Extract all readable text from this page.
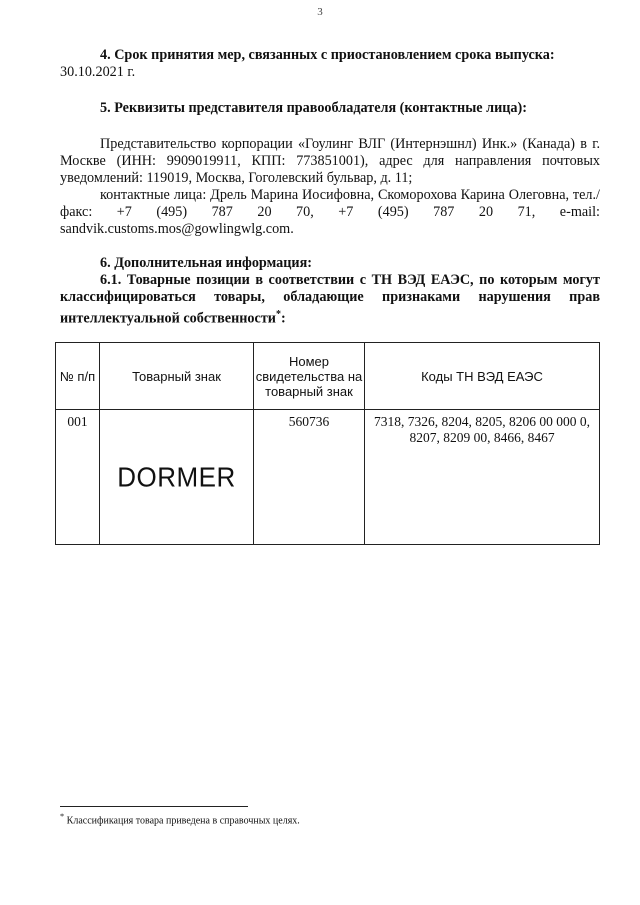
3
4. Срок принятия мер, связанных с приостановлением срока выпуска:
30.10.2021 г.
5. Реквизиты представителя правообладателя (контактные лица):

Представительство корпорации «Гоулинг ВЛГ (Интернэшнл) Инк.» (Канада) в г. Москве (ИНН: 9909019911, КПП: 773851001), адрес для направления почтовых уведомлений: 119019, Москва, Гоголевский бульвар, д. 11;

контактные лица: Дрель Марина Иосифовна, Скоморохова Карина Олеговна, тел./факс: +7 (495) 787 20 70, +7 (495) 787 20 71, e-mail: sandvik.customs.mos@gowlingwlg.com.

6. Дополнительная информация:

6.1. Товарные позиции в соответствии с ТН ВЭД ЕАЭС, по которым могут классифицироваться товары, обладающие признаками нарушения прав интеллектуальной собственности*:

№ п/п	Товарный знак	Номер свидетельства на товарный знак	Коды ТН ВЭД ЕАЭС
001	DORMER	560736	7318, 7326, 8204, 8205, 8206 00 000 0, 8207, 8209 00, 8466, 8467
* Классификация товара приведена в справочных целях.
